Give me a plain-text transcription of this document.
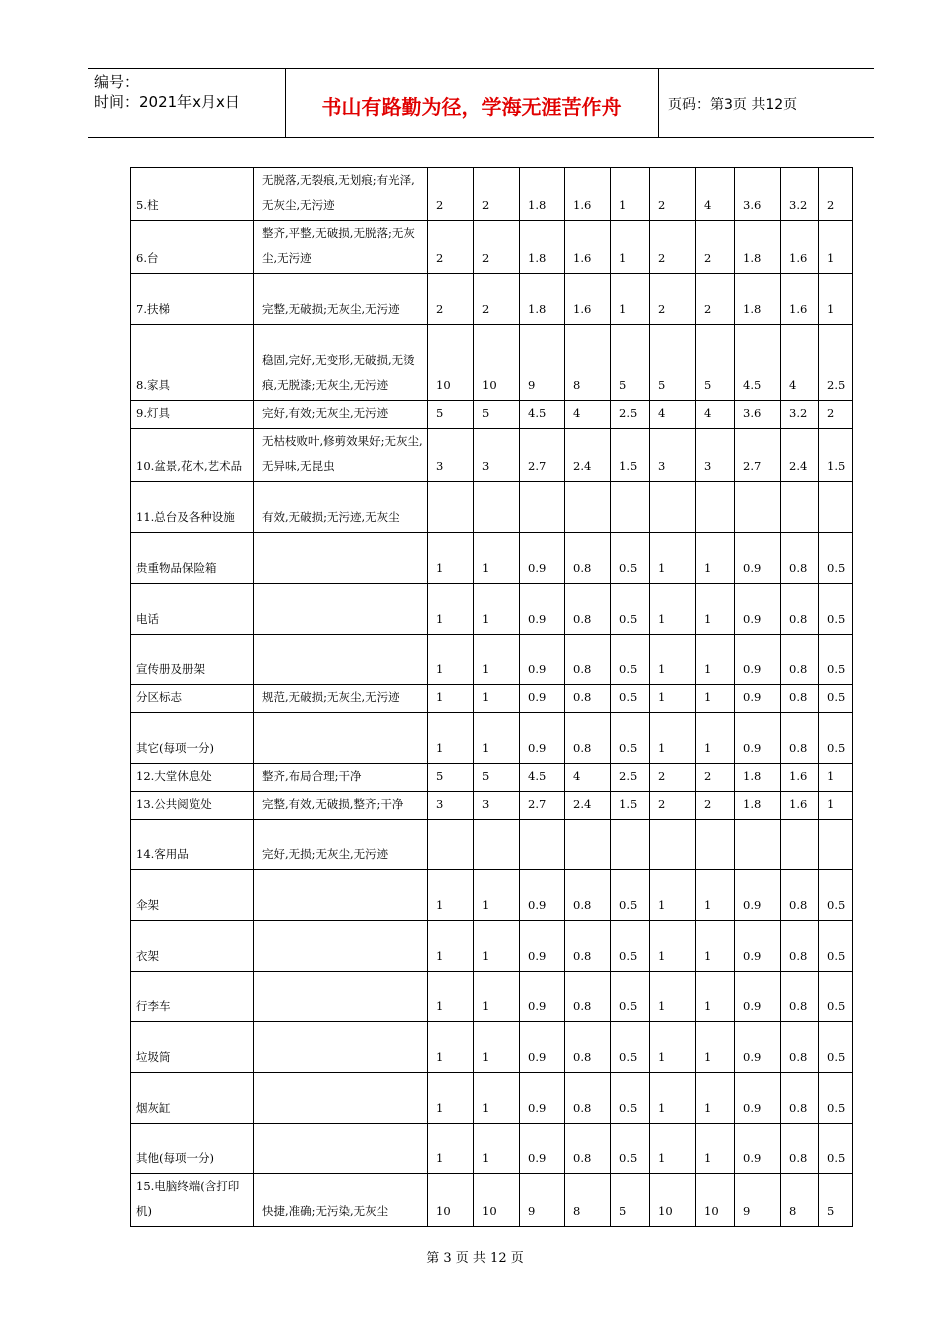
编号：
时间：2021年x月x日	书山有路勤为径，学海无涯苦作舟	页码：第3页 共12页
5.柱	无脱落,无裂痕,无划痕;有光泽,无灰尘,无污迹	2	2	1.8	1.6	1	2	4	3.6	3.2	2
6.台	整齐,平整,无破损,无脱落;无灰尘,无污迹	2	2	1.8	1.6	1	2	2	1.8	1.6	1
7.扶梯	完整,无破损;无灰尘,无污迹	2	2	1.8	1.6	1	2	2	1.8	1.6	1
8.家具	稳固,完好,无变形,无破损,无烫痕,无脱漆;无灰尘,无污迹	10	10	9	8	5	5	5	4.5	4	2.5
9.灯具	完好,有效;无灰尘,无污迹	5	5	4.5	4	2.5	4	4	3.6	3.2	2
10.盆景,花木,艺术品	无枯枝败叶,修剪效果好;无灰尘,无异味,无昆虫	3	3	2.7	2.4	1.5	3	3	2.7	2.4	1.5
11.总台及各种设施	有效,无破损;无污迹,无灰尘										
贵重物品保险箱		1	1	0.9	0.8	0.5	1	1	0.9	0.8	0.5
电话		1	1	0.9	0.8	0.5	1	1	0.9	0.8	0.5
宣传册及册架		1	1	0.9	0.8	0.5	1	1	0.9	0.8	0.5
分区标志	规范,无破损;无灰尘,无污迹	1	1	0.9	0.8	0.5	1	1	0.9	0.8	0.5
其它(每项一分)		1	1	0.9	0.8	0.5	1	1	0.9	0.8	0.5
12.大堂休息处	整齐,布局合理;干净	5	5	4.5	4	2.5	2	2	1.8	1.6	1
13.公共阅览处	完整,有效,无破损,整齐;干净	3	3	2.7	2.4	1.5	2	2	1.8	1.6	1
14.客用品	完好,无损;无灰尘,无污迹										
伞架		1	1	0.9	0.8	0.5	1	1	0.9	0.8	0.5
衣架		1	1	0.9	0.8	0.5	1	1	0.9	0.8	0.5
行李车		1	1	0.9	0.8	0.5	1	1	0.9	0.8	0.5
垃圾筒		1	1	0.9	0.8	0.5	1	1	0.9	0.8	0.5
烟灰缸		1	1	0.9	0.8	0.5	1	1	0.9	0.8	0.5
其他(每项一分)		1	1	0.9	0.8	0.5	1	1	0.9	0.8	0.5
15.电脑终端(含打印机)	快捷,准确;无污染,无灰尘	10	10	9	8	5	10	10	9	8	5
第 3 页 共 12 页
